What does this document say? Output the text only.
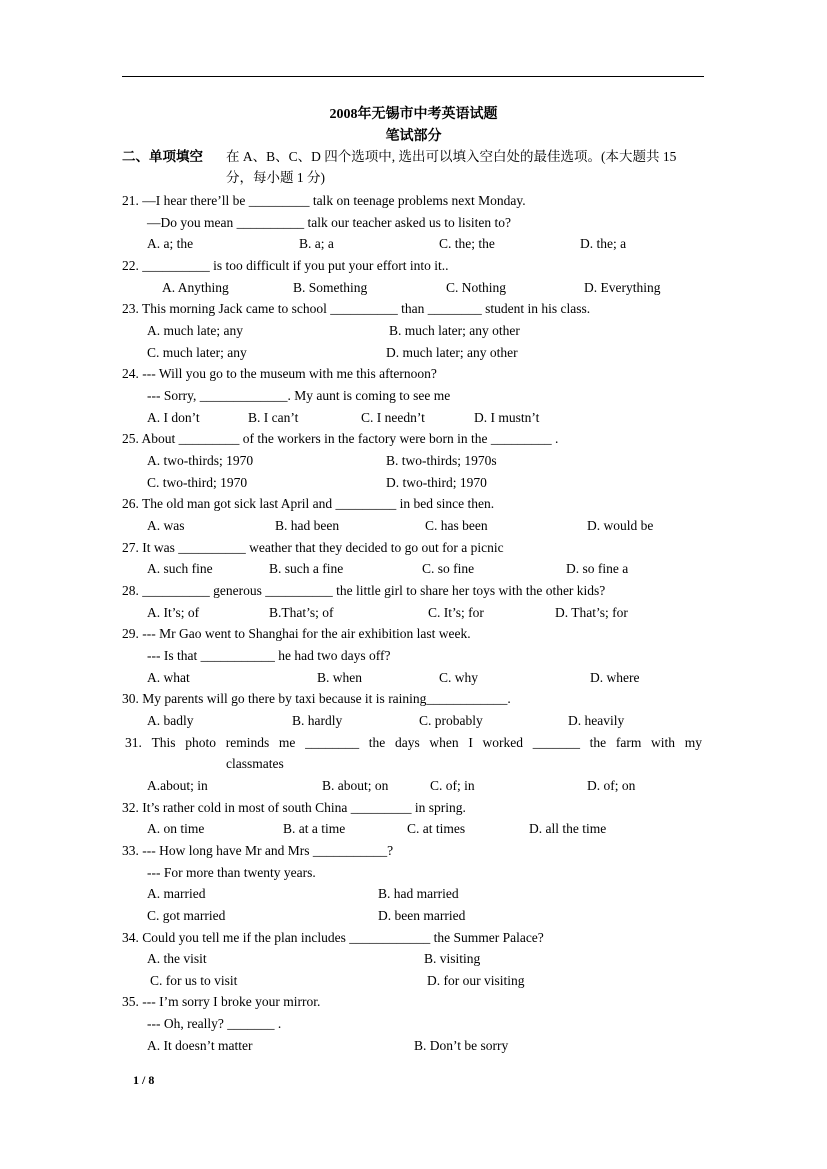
2008年无锡市中考英语试题
笔试部分
二、单项填空 在 A、B、C、D 四个选项中, 选出可以填入空白处的最佳选项。(本大题共 15
分，每小题 1 分)
21. —I hear there’ll be _________ talk on teenage problems next Monday.
—Do you mean __________ talk our teacher asked us to lisiten to?
A. a; the	B. a; a	C. the; the	D. the; a
22. __________ is too difficult if you put your effort into it..
A. Anything	B. Something	C. Nothing	D. Everything
23. This morning Jack came to school __________ than ________ student in his class.
A. much late; any	B. much later; any other
C. much later; any	D. much later; any other
24. --- Will you go to the museum with me this afternoon?
--- Sorry, _____________. My aunt is coming to see me
A. I don’t	B. I can’t	C. I needn’t	D. I mustn’t
25. About _________ of the workers in the factory were born in the _________ .
A. two-thirds; 1970	B. two-thirds; 1970s
C. two-third; 1970	D. two-third; 1970
26. The old man got sick last April and _________ in bed since then.
A. was	B. had been	C. has been	D. would be
27. It was __________ weather that they decided to go out for a picnic
A. such fine	B. such a fine	C. so fine	D. so fine a
28. __________ generous __________ the little girl to share her toys with the other kids?
A. It’s; of	B.That’s; of	C. It’s; for	D. That’s; for
29. --- Mr Gao went to Shanghai for the air exhibition last week.
--- Is that ___________ he had two days off?
A. what	B. when	C. why	D. where
30. My parents will go there by taxi because it is raining____________.
A. badly	B. hardly	C. probably	D. heavily
31. This photo reminds me ________ the days when I worked _______ the farm with my
classmates
A.about; in	B. about; on	C. of; in	D. of; on
32. It’s rather cold in most of south China _________ in spring.
A. on time	B. at a time	C. at times	D. all the time
33. --- How long have Mr and Mrs ___________?
--- For more than twenty years.
A. married	B. had married
C. got married	D. been married
34. Could you tell me if the plan includes ____________ the Summer Palace?
A. the visit	B. visiting
C. for us to visit	D. for our visiting
35. --- I’m sorry I broke your mirror.
--- Oh, really? _______ .
A. It doesn’t matter	B. Don’t be sorry
1 / 8
